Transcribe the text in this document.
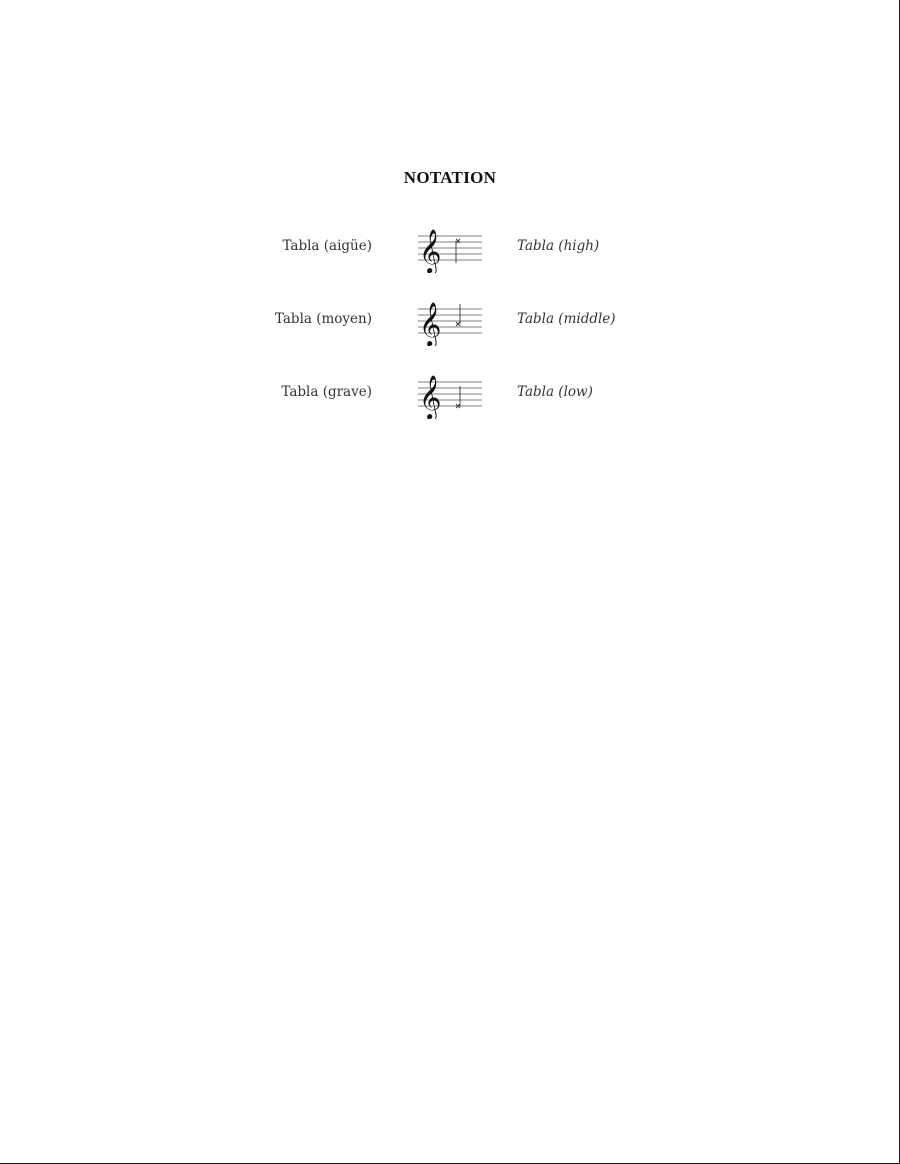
NOTATION
Tabla (aigüe) 𝄞	Tabla (high)
Tabla (moyen) 𝄞	Tabla (middle)
Tabla (grave) 𝄞	Tabla (low)
